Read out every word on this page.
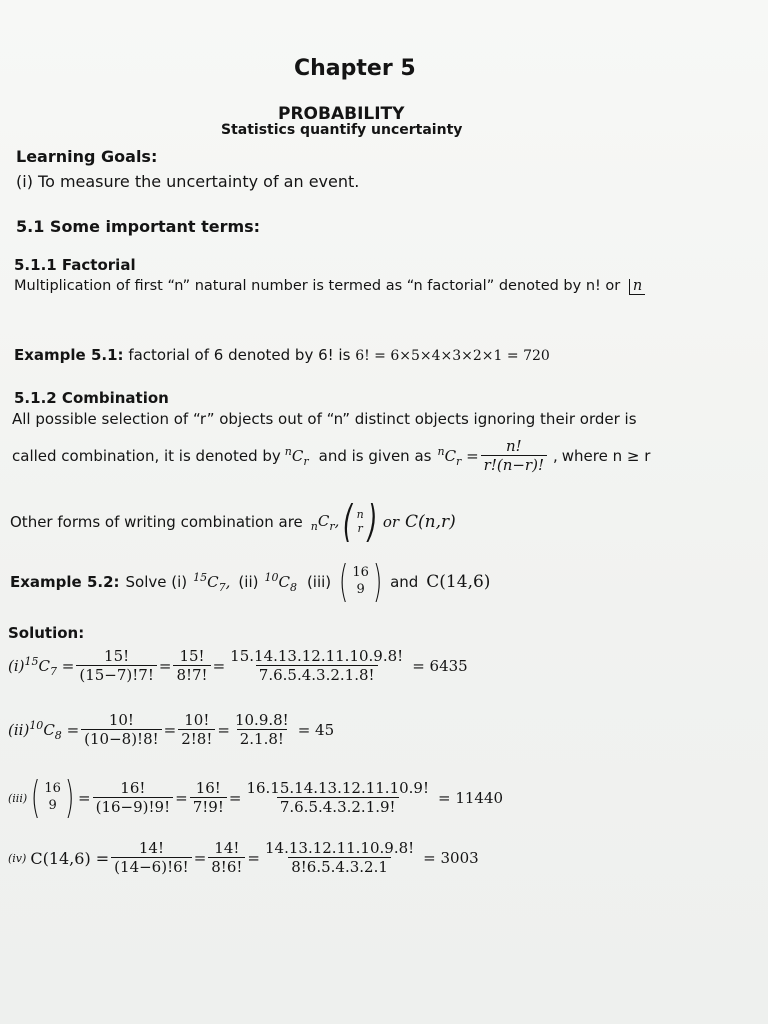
Chapter 5
PROBABILITY
Statistics quantify uncertainty
Learning Goals:
(i) To measure the uncertainty of an event.
5.1 Some important terms:
5.1.1 Factorial
Multiplication of first “n” natural number is termed as “n factorial” denoted by n! or n
Example 5.1: factorial of 6 denoted by 6! is 6! = 6×5×4×3×2×1 = 720
5.1.2 Combination
All possible selection of “r” objects out of “n” distinct objects ignoring their order is
called combination, it is denoted by $^nC_r$ and is given as $^nC_r = \frac{n!}{r!(n-r)!}$ , where n ≥ r
Other forms of writing combination are $_nC_r$, ( n
r ) or C(n,r)
Example 5.2: Solve (i) $^{15}C_7$, (ii) $^{10}C_8$ (iii) ( 16
9 ) and C(14,6)
Solution:
(i) $^{15}C_7 = \frac{15!}{(15-7)!7!} = \frac{15!}{8!7!} = \frac{15.14.13.12.11.10.9.8!}{7.6.5.4.3.2.1.8!} = 6435$
(ii) $^{10}C_8 = \frac{10!}{(10-8)!8!} = \frac{10!}{2!8!} = \frac{10.9.8!}{2.1.8!} = 45$
(iii) ( 16
9 ) = $\frac{16!}{(16-9)!9!} = \frac{16!}{7!9!} = \frac{16.15.14.13.12.11.10.9!}{7.6.5.4.3.2.1.9!} = 11440$
(iv) $C(14,6) = \frac{14!}{(14-6)!6!} = \frac{14!}{8!6!} = \frac{14.13.12.11.10.9.8!}{8!6.5.4.3.2.1} = 3003$
